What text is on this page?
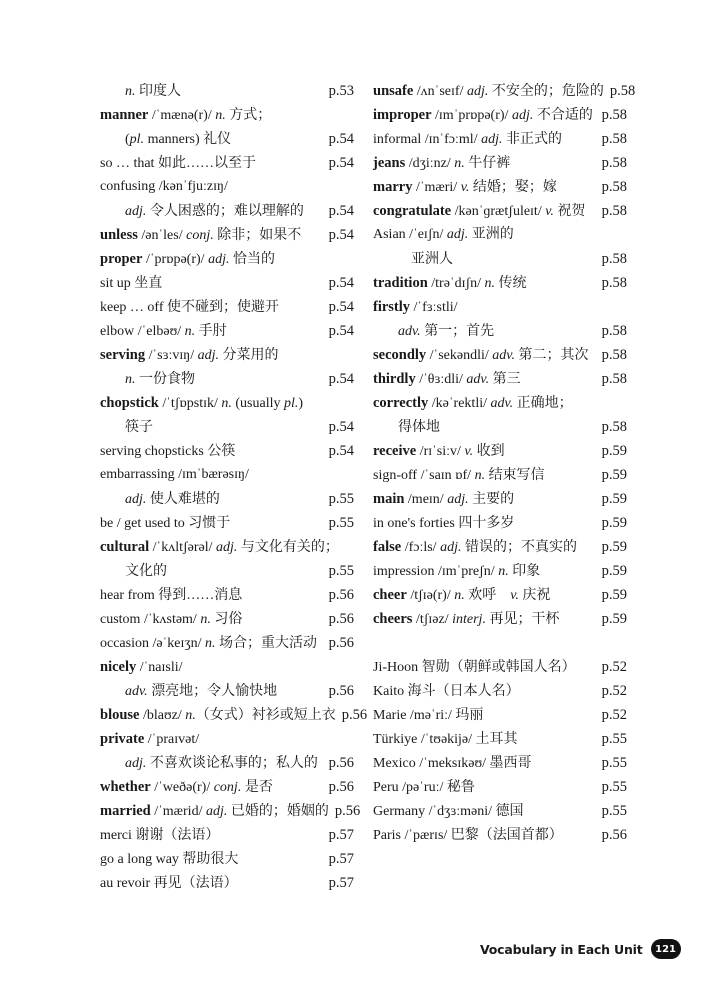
n. 印度人	p.53
manner /ˈmænə(r)/ n. 方式；
(pl. manners) 礼仪	p.54
so … that 如此……以至于	p.54
confusing /kənˈfjuːzɪŋ/
adj. 令人困惑的；难以理解的	p.54
unless /ənˈles/ conj. 除非；如果不	p.54
proper /ˈprɒpə(r)/ adj. 恰当的
sit up 坐直	p.54
keep … off 使不碰到；使避开	p.54
elbow /ˈelbəʊ/ n. 手肘	p.54
serving /ˈsɜːvɪŋ/ adj. 分菜用的
n. 一份食物	p.54
chopstick /ˈtʃɒpstɪk/ n. (usually pl.)
筷子	p.54
serving chopsticks 公筷	p.54
embarrassing /ɪmˈbærəsɪŋ/
adj. 使人难堪的	p.55
be / get used to 习惯于	p.55
cultural /ˈkʌltʃərəl/ adj. 与文化有关的；
文化的	p.55
hear from 得到……消息	p.56
custom /ˈkʌstəm/ n. 习俗	p.56
occasion /əˈkeɪʒn/ n. 场合；重大活动 p.56
nicely /ˈnaɪsli/
adv. 漂亮地；令人愉快地	p.56
blouse /blaʊz/ n.（女式）衬衫或短上衣 p.56
private /ˈpraɪvət/
adj. 不喜欢谈论私事的；私人的 p.56
whether /ˈweðə(r)/ conj. 是否	p.56
married /ˈmærid/ adj. 已婚的；婚姻的 p.56
merci 谢谢（法语）	p.57
go a long way 帮助很大	p.57
au revoir 再见（法语）	p.57
unsafe /ʌnˈseɪf/ adj. 不安全的；危险的 p.58
improper /ɪmˈprɒpə(r)/ adj. 不合适的 p.58
informal /ɪnˈfɔːml/ adj. 非正式的	p.58
jeans /dʒiːnz/ n. 牛仔裤	p.58
marry /ˈmæri/ v. 结婚；娶；嫁	p.58
congratulate /kənˈɡrætʃuleɪt/ v. 祝贺	p.58
Asian /ˈeɪʃn/ adj. 亚洲的
亚洲人	p.58
tradition /trəˈdɪʃn/ n. 传统	p.58
firstly /ˈfɜːstli/
adv. 第一；首先	p.58
secondly /ˈsekəndli/ adv. 第二；其次 p.58
thirdly /ˈθɜːdli/ adv. 第三	p.58
correctly /kəˈrektli/ adv. 正确地；
得体地	p.58
receive /rɪˈsiːv/ v. 收到	p.59
sign-off /ˈsaɪn ɒf/ n. 结束写信	p.59
main /meɪn/ adj. 主要的	p.59
in one's forties 四十多岁	p.59
false /fɔːls/ adj. 错误的；不真实的	p.59
impression /ɪmˈpreʃn/ n. 印象	p.59
cheer /tʃɪə(r)/ n. 欢呼　v. 庆祝	p.59
cheers /tʃɪəz/ interj. 再见；干杯	p.59
Ji-Hoon 智勋（朝鲜或韩国人名）	p.52
Kaito 海斗（日本人名）	p.52
Marie /məˈriː/ 玛丽	p.52
Türkiye /ˈtʊəkijə/ 土耳其	p.55
Mexico /ˈmeksɪkəʊ/ 墨西哥	p.55
Peru /pəˈruː/ 秘鲁	p.55
Germany /ˈdʒɜːməni/ 德国	p.55
Paris /ˈpærɪs/ 巴黎（法国首都）	p.56
Vocabulary in Each Unit	121
